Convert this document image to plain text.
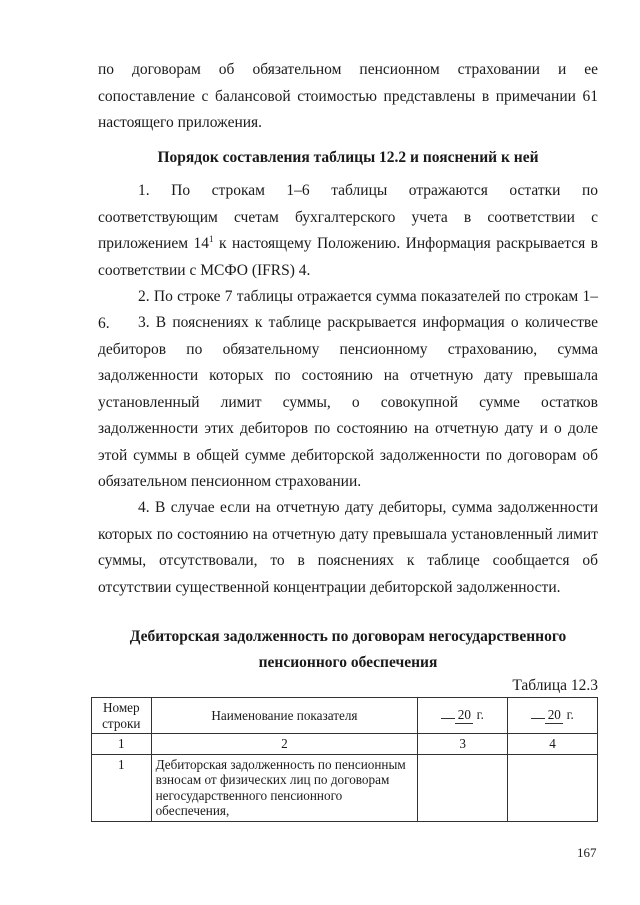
по договорам об обязательном пенсионном страховании и ее сопоставление с балансовой стоимостью представлены в примечании 61 настоящего приложения.

Порядок составления таблицы 12.2 и пояснений к ней

1. По строкам 1–6 таблицы отражаются остатки по соответствующим счетам бухгалтерского учета в соответствии с приложением $14^1$ к настоящему Положению. Информация раскрывается в соответствии с МСФО (IFRS) 4.

2. По строке 7 таблицы отражается сумма показателей по строкам 1–6.	3. В пояснениях к таблице раскрывается информация о количестве дебиторов по обязательному пенсионному страхованию, сумма задолженности которых по состоянию на отчетную дату превышала установленный лимит суммы, о совокупной сумме остатков задолженности этих дебиторов по состоянию на отчетную дату и о доле этой суммы в общей сумме дебиторской задолженности по договорам об обязательном пенсионном страховании.

4. В случае если на отчетную дату дебиторы, сумма задолженности которых по состоянию на отчетную дату превышала установленный лимит суммы, отсутствовали, то в пояснениях к таблице сообщается об отсутствии существенной концентрации дебиторской задолженности.

Дебиторская задолженность по договорам негосударственного

пенсионного обеспечения

Таблица 12.3
Номер строки	Наименование показателя	20 г.	20 г.
1	2	3	4
1	Дебиторская задолженность по пенсионным взносам от физических лиц по договорам негосударственного пенсионного обеспечения,		
167
